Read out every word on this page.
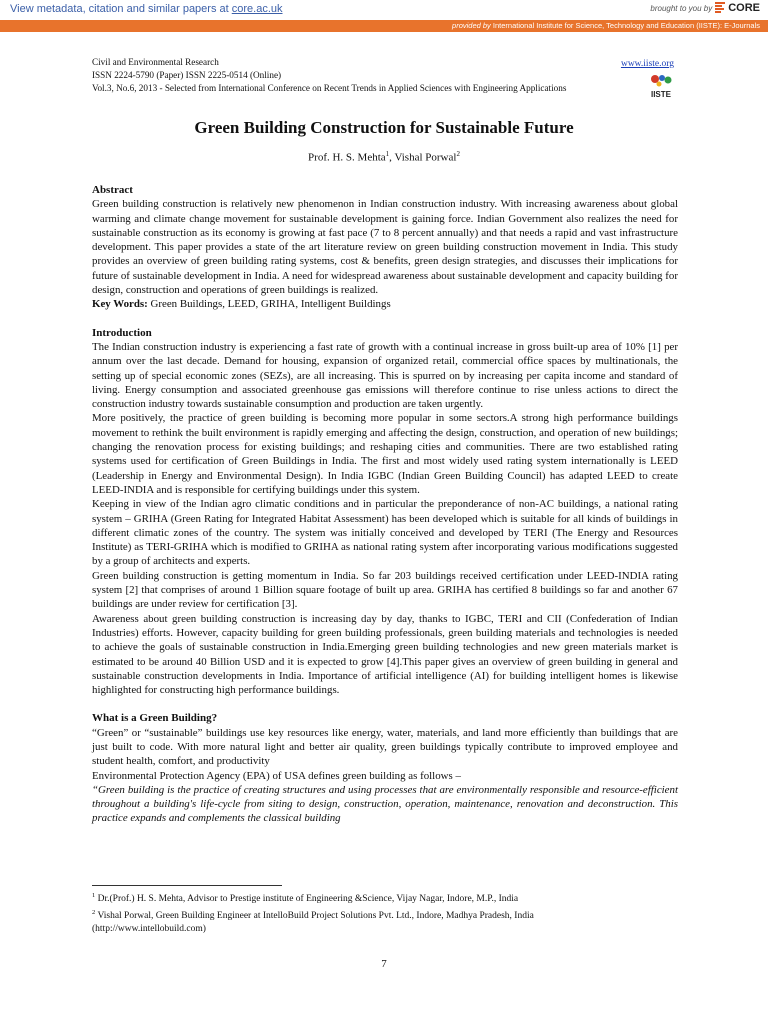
View metadata, citation and similar papers at core.ac.uk	brought to you by CORE
provided by International Institute for Science, Technology and Education (IISTE): E-Journals
Civil and Environmental Research
ISSN 2224-5790 (Paper) ISSN 2225-0514 (Online)
Vol.3, No.6, 2013 - Selected from International Conference on Recent Trends in Applied Sciences with Engineering Applications
www.iiste.org
IISTE
Green Building Construction for Sustainable Future
Prof. H. S. Mehta$^1$, Vishal Porwal$^2$
Abstract

Green building construction is relatively new phenomenon in Indian construction industry. With increasing awareness about global warming and climate change movement for sustainable development is gaining force. Indian Government also realizes the need for sustainable construction as its economy is growing at fast pace (7 to 8 percent annually) and that needs a rapid and vast infrastructure development. This paper provides a state of the art literature review on green building construction movement in India. This study provides an overview of green building rating systems, cost & benefits, green design strategies, and discusses their implications for future of sustainable development in India. A need for widespread awareness about sustainable development and capacity building for design, construction and operations of green buildings is realized.

Key Words: Green Buildings, LEED, GRIHA, Intelligent Buildings

Introduction

The Indian construction industry is experiencing a fast rate of growth with a continual increase in gross built-up area of 10% [1] per annum over the last decade. Demand for housing, expansion of organized retail, commercial office spaces by multinationals, the setting up of special economic zones (SEZs), are all increasing. This is spurred on by increasing per capita income and standard of living. Energy consumption and associated greenhouse gas emissions will therefore continue to rise unless actions to direct the construction industry towards sustainable consumption and production are taken urgently.

More positively, the practice of green building is becoming more popular in some sectors.A strong high performance buildings movement to rethink the built environment is rapidly emerging and affecting the design, construction, and operation of new buildings; changing the renovation process for existing buildings; and reshaping cities and communities. There are two established rating systems used for certification of Green Buildings in India. The first and most widely used rating system internationally is LEED (Leadership in Energy and Environmental Design). In India IGBC (Indian Green Building Council) has adapted LEED to create LEED-INDIA and is responsible for certifying buildings under this system.

Keeping in view of the Indian agro climatic conditions and in particular the preponderance of non-AC buildings, a national rating system – GRIHA (Green Rating for Integrated Habitat Assessment) has been developed which is suitable for all kinds of buildings in different climatic zones of the country. The system was initially conceived and developed by TERI (The Energy and Resources Institute) as TERI-GRIHA which is modified to GRIHA as national rating system after incorporating various modifications suggested by a group of architects and experts.

Green building construction is getting momentum in India. So far 203 buildings received certification under LEED-INDIA rating system [2] that comprises of around 1 Billion square footage of built up area. GRIHA has certified 8 buildings so far and another 67 buildings are under review for certification [3].

Awareness about green building construction is increasing day by day, thanks to IGBC, TERI and CII (Confederation of Indian Industries) efforts. However, capacity building for green building professionals, green building materials and technologies is needed to achieve the goals of sustainable construction in India.Emerging green building technologies and new green materials market is estimated to be around 40 Billion USD and it is expected to grow [4].This paper gives an overview of green building in general and sustainable construction developments in India. Importance of artificial intelligence (AI) for building intelligent homes is likewise highlighted for constructing high performance buildings.

What is a Green Building?

“Green” or “sustainable” buildings use key resources like energy, water, materials, and land more efficiently than buildings that are just built to code. With more natural light and better air quality, green buildings typically contribute to improved employee and student health, comfort, and productivity

Environmental Protection Agency (EPA) of USA defines green building as follows –

“Green building is the practice of creating structures and using processes that are environmentally responsible and resource-efficient throughout a building's life-cycle from siting to design, construction, operation, maintenance, renovation and deconstruction. This practice expands and complements the classical building

$^1$ Dr.(Prof.) H. S. Mehta, Advisor to Prestige institute of Engineering &Science, Vijay Nagar, Indore, M.P., India
$^2$ Vishal Porwal, Green Building Engineer at IntelloBuild Project Solutions Pvt. Ltd., Indore, Madhya Pradesh, India
(http://www.intellobuild.com)
7
